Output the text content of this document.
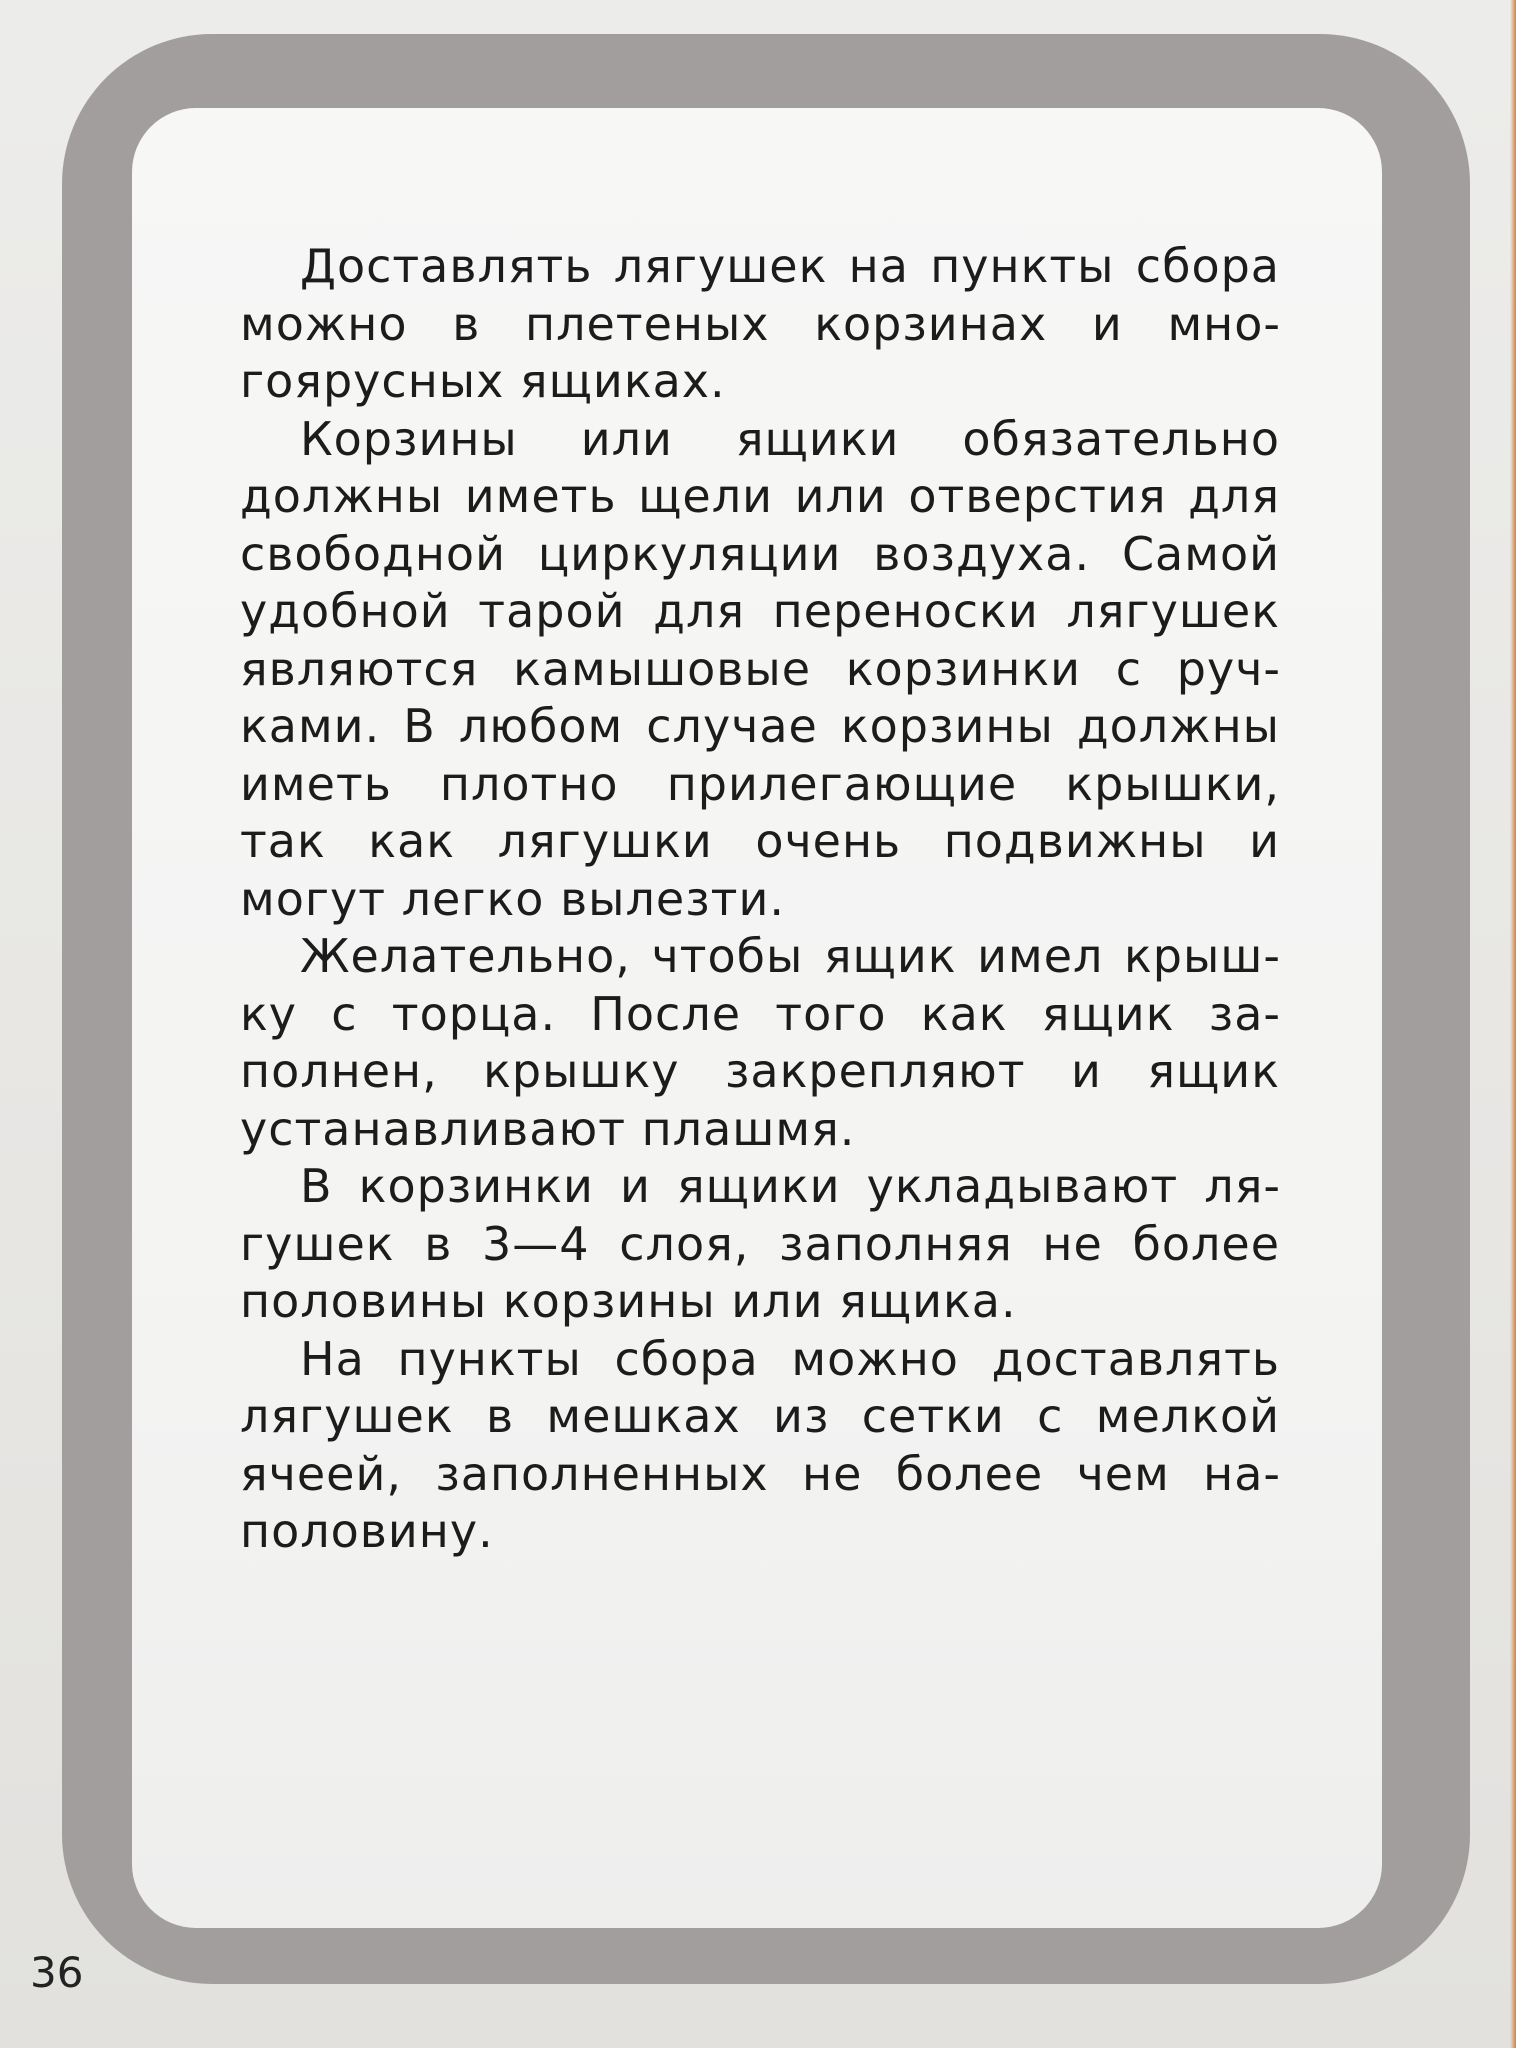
Доставлять лягушек на пункты сбора можно в плетеных корзинах и многоярусных ящиках.

Корзины или ящики обязательно должны иметь щели или отверстия для свободной циркуляции воздуха. Самой удобной тарой для переноски лягушек являются камышовые корзинки с ручками. В любом случае корзины должны иметь плотно прилегающие крышки, так как лягушки очень подвижны и могут легко вылезти.

Желательно, чтобы ящик имел крышку с торца. После того как ящик заполнен, крышку закрепляют и ящик устанавливают плашмя.

В корзинки и ящики укладывают лягушек в 3—4 слоя, заполняя не более половины корзины или ящика.

На пункты сбора можно доставлять лягушек в мешках из сетки с мелкой ячеей, заполненных не более чем наполовину.

36
